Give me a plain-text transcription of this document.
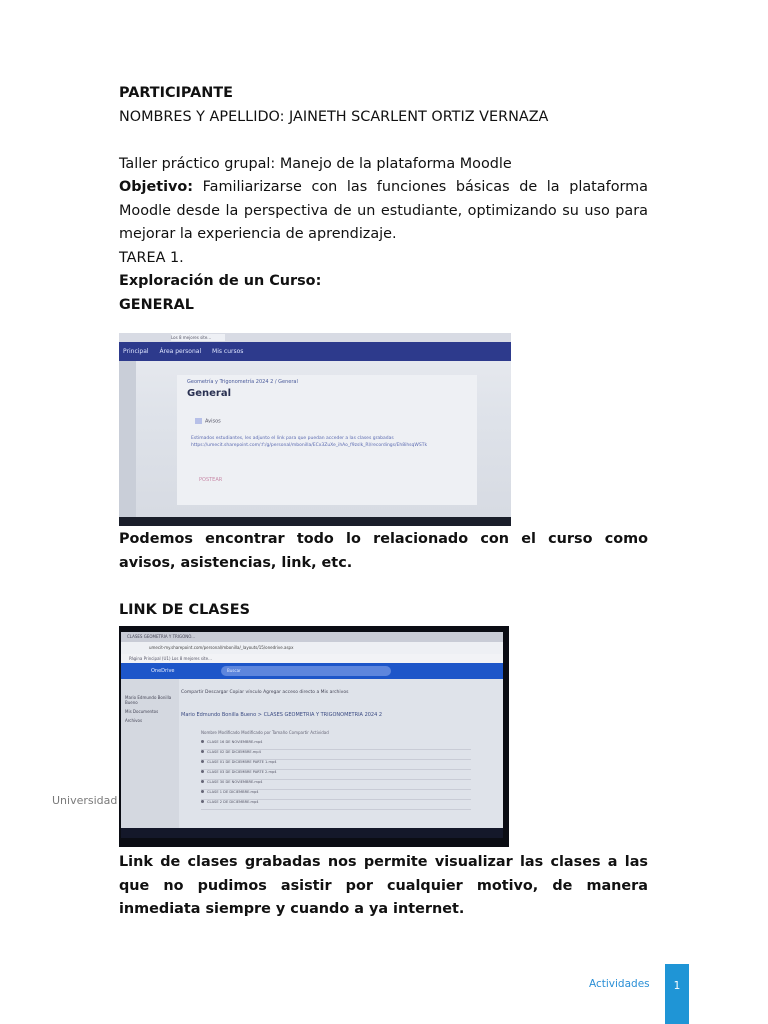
PARTICIPANTE
NOMBRES Y APELLIDO: JAINETH SCARLENT ORTIZ VERNAZA
Taller práctico grupal: Manejo de la plataforma Moodle
Objetivo: Familiarizarse con las funciones básicas de la plataforma Moodle desde la perspectiva de un estudiante, optimizando su uso para mejorar la experiencia de aprendizaje.
TAREA 1.
Exploración de un Curso:
GENERAL
Los 8 mejores site...
Principal Área personal Mis cursos
Geometría y Trigonometría 2024 2 / General
General
Avisos
Estimados estudiantes, les adjunto el link para que puedan acceder a las clases grabadas https://umecit.sharepoint.com/:f:/g/personal/mbonilla/ECx3ZuXe_ihAo_f9zslk_Rl/recordings/Eh8ihsqWSTk
POSTEAR
Podemos encontrar todo lo relacionado con el curso como avisos, asistencias, link, etc.
LINK DE CLASES
CLASES GEOMETRIA Y TRIGONO...
umecit-my.sharepoint.com/personal/mbonilla/_layouts/15/onedrive.aspx
Página Principal (U1) Los 8 mejores site...
OneDrive	Buscar
Mario Edmundo Bonilla Bueno
Mis Documentos
Archivos
Compartir Descargar Copiar vínculo Agregar acceso directo a Mis archivos
Mario Edmundo Bonilla Bueno > CLASES GEOMETRIA Y TRIGONOMETRIA 2024 2
Nombre Modificado Modificado por Tamaño Compartir Actividad
CLASE 16 DE NOVIEMBRE.mp4
CLASE 02 DE DICIEMBRE.mp4
CLASE 01 DE DICIEMBRE PARTE 1.mp4
CLASE 03 DE DICIEMBRE PARTE 2.mp4
CLASE 30 DE NOVIEMBRE.mp4
CLASE 1 DE DICIEMBRE.mp4
CLASE 2 DE DICIEMBRE.mp4
Universidad
Link de clases grabadas nos permite visualizar las clases a las que no pudimos asistir por cualquier motivo, de manera inmediata siempre y cuando a ya internet.
Actividades	1
